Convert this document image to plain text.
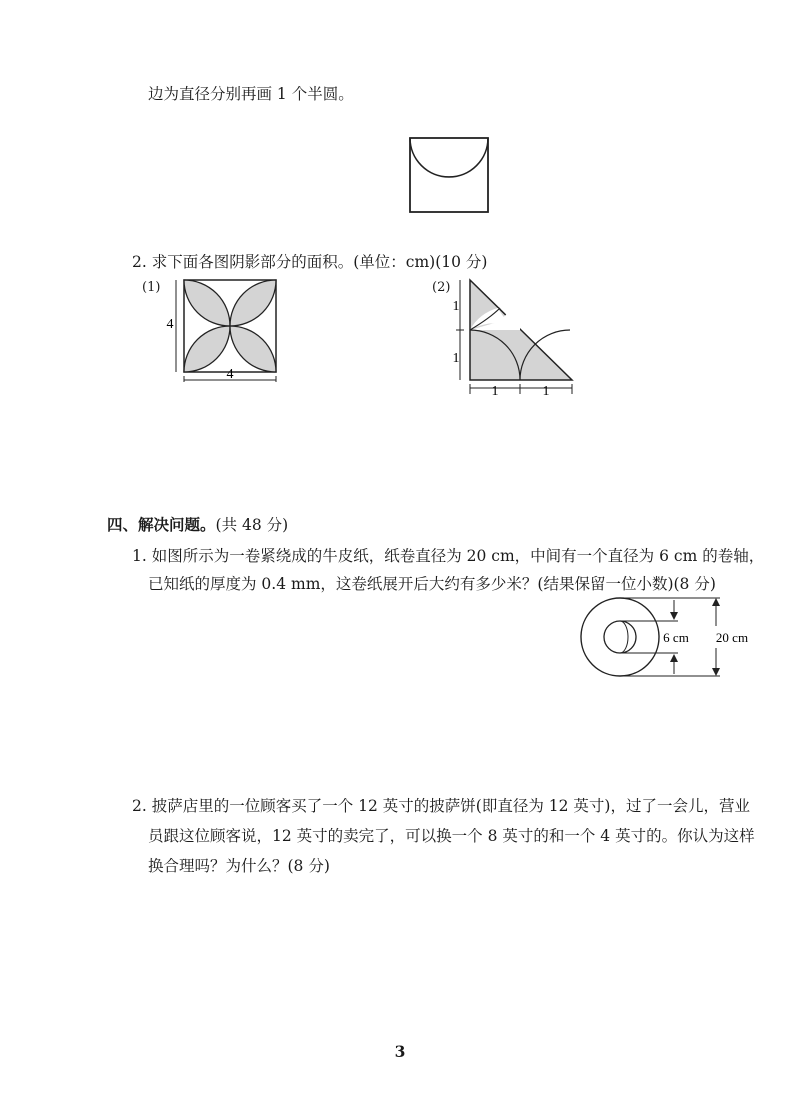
边为直径分别再画 1 个半圆。
2. 求下面各图阴影部分的面积。(单位：cm)(10 分)
(1)
4
4
(2)
1
1
1	1
四、解决问题。(共 48 分)
1. 如图所示为一卷紧绕成的牛皮纸，纸卷直径为 20 cm，中间有一个直径为 6 cm 的卷轴，
已知纸的厚度为 0.4 mm，这卷纸展开后大约有多少米？(结果保留一位小数)(8 分)
6 cm 20 cm
2. 披萨店里的一位顾客买了一个 12 英寸的披萨饼(即直径为 12 英寸)，过了一会儿，营业
员跟这位顾客说，12 英寸的卖完了，可以换一个 8 英寸的和一个 4 英寸的。你认为这样
换合理吗？为什么？(8 分)
3
